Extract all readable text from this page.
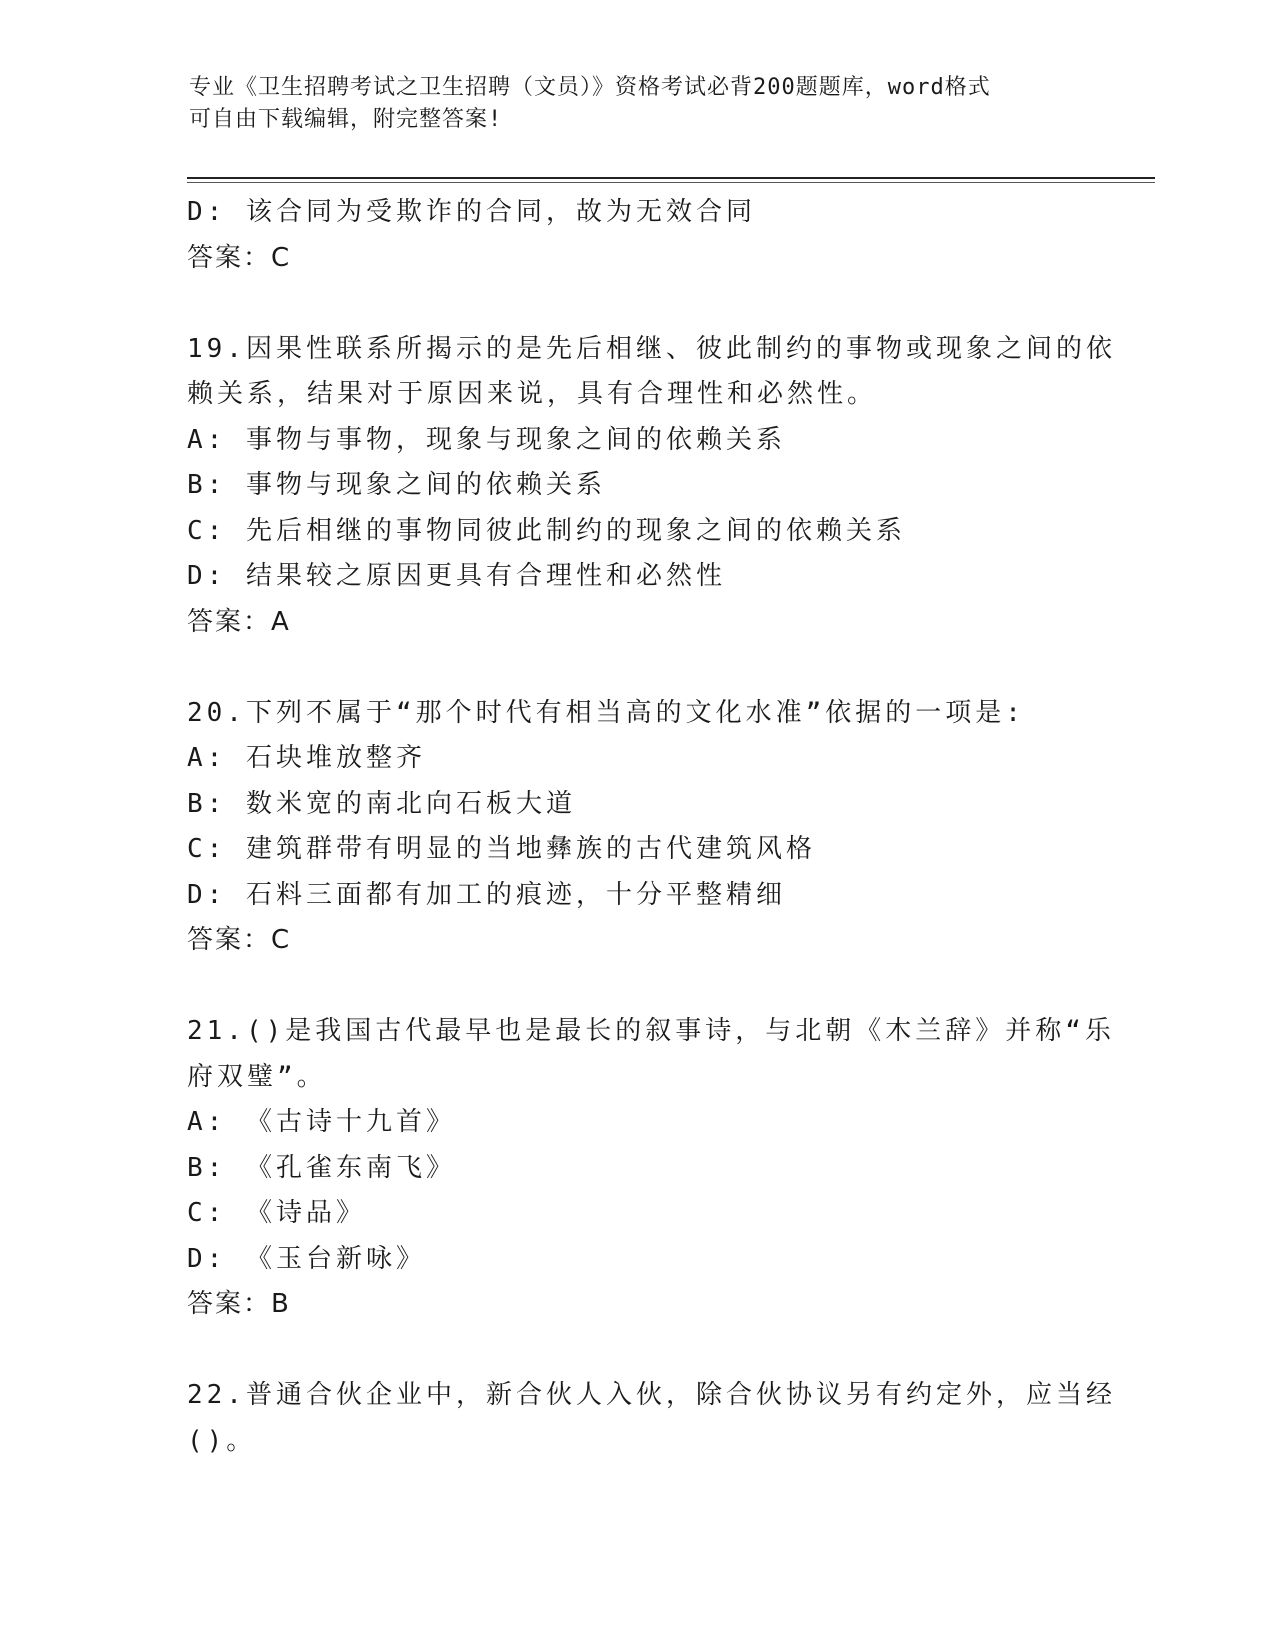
专业《卫生招聘考试之卫生招聘（文员）》资格考试必背200题题库，word格式
可自由下载编辑，附完整答案!
D: 该合同为受欺诈的合同，故为无效合同
答案：C
19.因果性联系所揭示的是先后相继、彼此制约的事物或现象之间的依
赖关系，结果对于原因来说，具有合理性和必然性。
A: 事物与事物，现象与现象之间的依赖关系
B: 事物与现象之间的依赖关系
C: 先后相继的事物同彼此制约的现象之间的依赖关系
D: 结果较之原因更具有合理性和必然性
答案：A
20.下列不属于“那个时代有相当高的文化水准”依据的一项是:
A: 石块堆放整齐
B: 数米宽的南北向石板大道
C: 建筑群带有明显的当地彝族的古代建筑风格
D: 石料三面都有加工的痕迹，十分平整精细
答案：C
21.()是我国古代最早也是最长的叙事诗，与北朝《木兰辞》并称“乐
府双璧”。
A: 《古诗十九首》
B: 《孔雀东南飞》
C: 《诗品》
D: 《玉台新咏》
答案：B
22.普通合伙企业中，新合伙人入伙，除合伙协议另有约定外，应当经
()。
